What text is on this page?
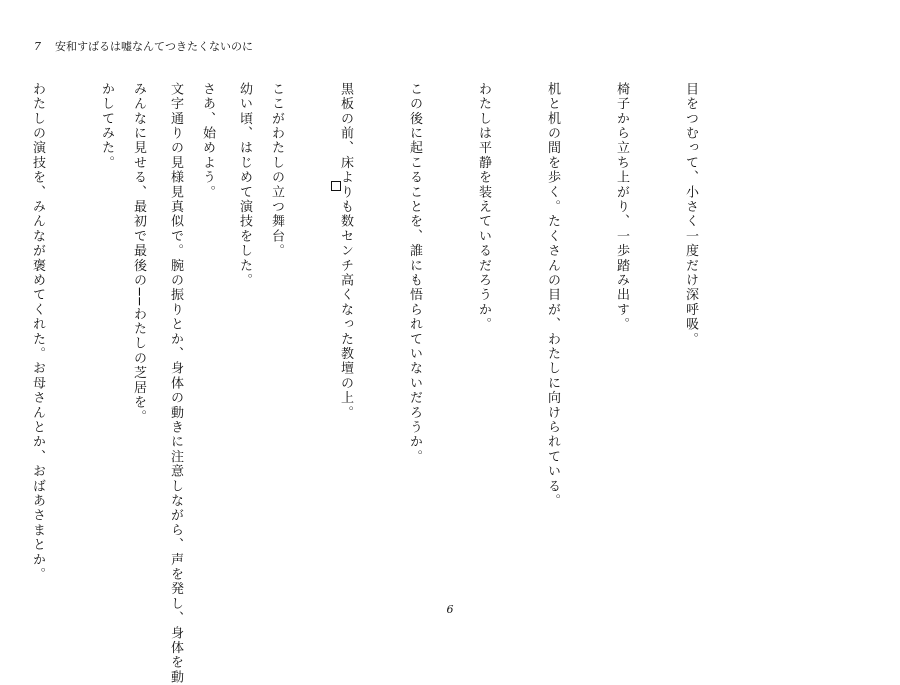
7 安和すばるは嘘なんてつきたくないのに

目をつむって、小さく一度だけ深呼吸。

椅子から立ち上がり、一歩踏み出す。

机と机の間を歩く。たくさんの目が、わたしに向けられている。

わたしは平静を装えているだろうか。

この後に起こることを、誰にも悟られていないだろうか。

黒板の前、床よりも数センチ高くなった教壇の上。

ここがわたしの立つ舞台。

さあ、始めよう。

みんなに見せる、最初で最後の──わたしの芝居を。

	幼い頃、はじめて演技をした。

文字通りの見様見真似で。腕の振りとか、身体の動きに注意しながら、声を発し、身体を動

かしてみた。

わたしの演技を、みんなが褒めてくれた。お母さんとか、おばあさまとか。

6
